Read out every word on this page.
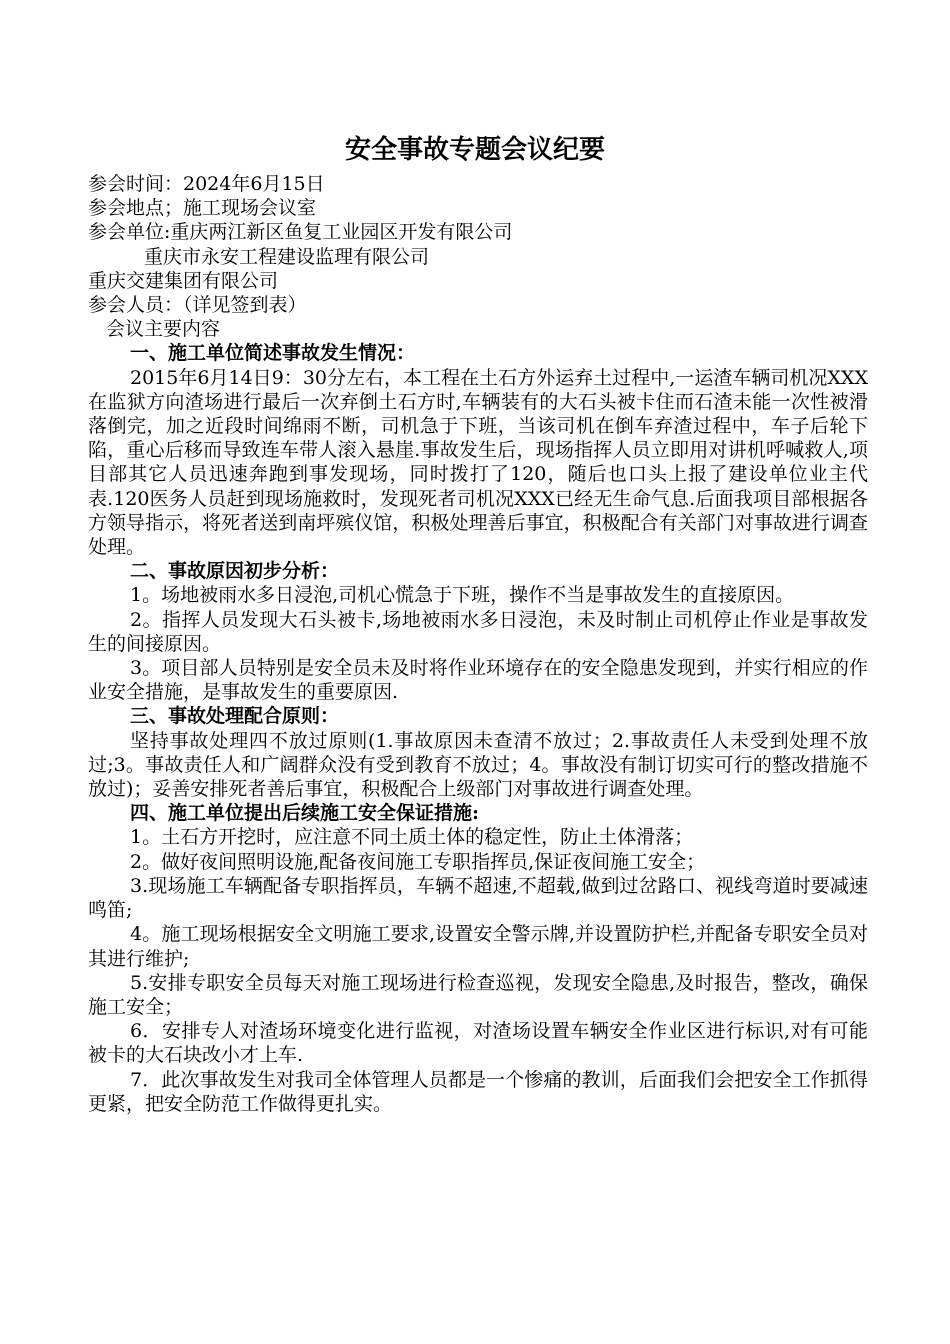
安全事故专题会议纪要

参会时间：2024年6月15日

参会地点；施工现场会议室

参会单位:重庆两江新区鱼复工业园区开发有限公司

重庆市永安工程建设监理有限公司

重庆交建集团有限公司

参会人员：（详见签到表）

会议主要内容

一、施工单位简述事故发生情况：

2015年6月14日9：30分左右，本工程在土石方外运弃土过程中,一运渣车辆司机况XXX在监狱方向渣场进行最后一次弃倒土石方时,车辆装有的大石头被卡住而石渣未能一次性被滑落倒完，加之近段时间绵雨不断，司机急于下班，当该司机在倒车弃渣过程中，车子后轮下陷，重心后移而导致连车带人滚入悬崖.事故发生后，现场指挥人员立即用对讲机呼喊救人,项目部其它人员迅速奔跑到事发现场，同时拨打了120，随后也口头上报了建设单位业主代表.120医务人员赶到现场施救时，发现死者司机况XXX已经无生命气息.后面我项目部根据各方领导指示，将死者送到南坪殡仪馆，积极处理善后事宜，积极配合有关部门对事故进行调查处理。

二、事故原因初步分析：

1。场地被雨水多日浸泡,司机心慌急于下班，操作不当是事故发生的直接原因。

2。指挥人员发现大石头被卡,场地被雨水多日浸泡，未及时制止司机停止作业是事故发生的间接原因。

3。项目部人员特别是安全员未及时将作业环境存在的安全隐患发现到，并实行相应的作业安全措施，是事故发生的重要原因.

三、事故处理配合原则：

坚持事故处理四不放过原则(1.事故原因未查清不放过；2.事故责任人未受到处理不放过;3。事故责任人和广阔群众没有受到教育不放过；4。事故没有制订切实可行的整改措施不放过)；妥善安排死者善后事宜，积极配合上级部门对事故进行调查处理。

四、施工单位提出后续施工安全保证措施:

1。土石方开挖时，应注意不同土质土体的稳定性，防止土体滑落；

2。做好夜间照明设施,配备夜间施工专职指挥员,保证夜间施工安全；

3.现场施工车辆配备专职指挥员，车辆不超速,不超载,做到过岔路口、视线弯道时要减速鸣笛;

4。施工现场根据安全文明施工要求,设置安全警示牌,并设置防护栏,并配备专职安全员对其进行维护;

5.安排专职安全员每天对施工现场进行检查巡视，发现安全隐患,及时报告，整改，确保施工安全；

6．安排专人对渣场环境变化进行监视，对渣场设置车辆安全作业区进行标识,对有可能被卡的大石块改小才上车.

7．此次事故发生对我司全体管理人员都是一个惨痛的教训，后面我们会把安全工作抓得更紧，把安全防范工作做得更扎实。
